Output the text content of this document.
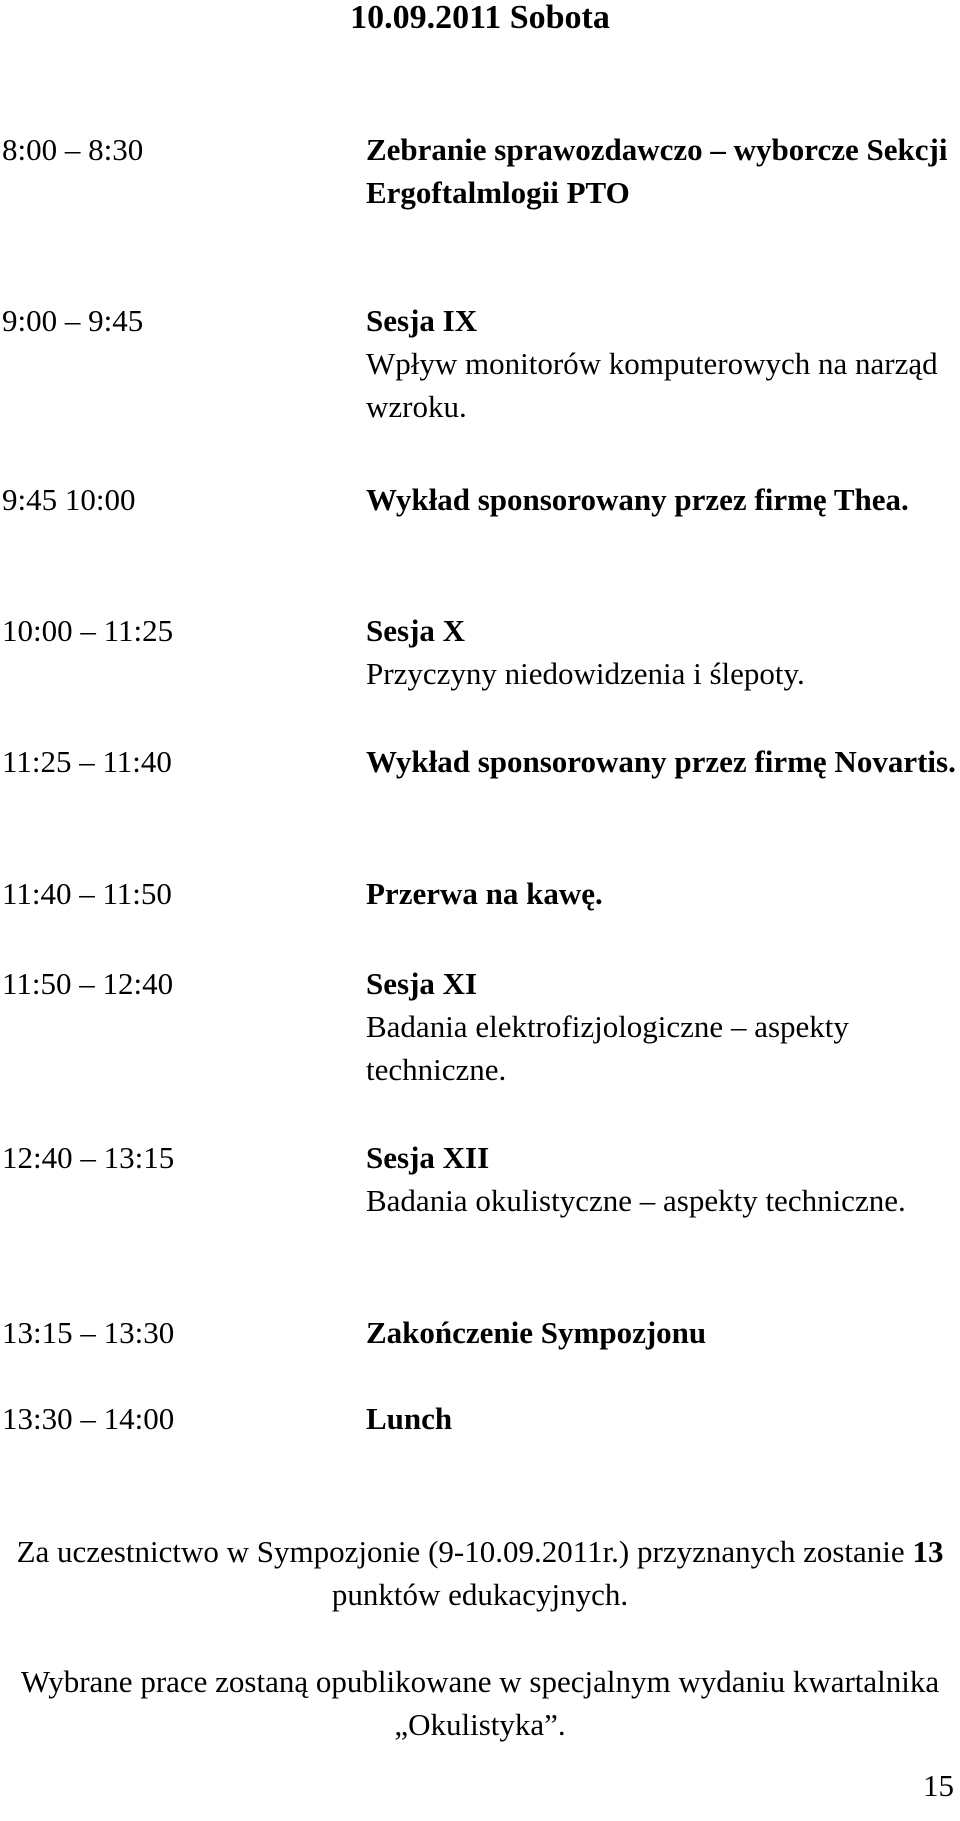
10.09.2011 Sobota
8:00 – 8:30	Zebranie sprawozdawczo – wyborcze Sekcji Ergoftalmlogii PTO
9:00 – 9:45	Sesja IX
Wpływ monitorów komputerowych na narząd wzroku.
9:45 10:00	Wykład sponsorowany przez firmę Thea.
10:00 – 11:25	Sesja X
Przyczyny niedowidzenia i ślepoty.
11:25 – 11:40	Wykład sponsorowany przez firmę Novartis.
11:40 – 11:50	Przerwa na kawę.
11:50 – 12:40	Sesja XI
Badania elektrofizjologiczne – aspekty techniczne.
12:40 – 13:15	Sesja XII
Badania okulistyczne – aspekty techniczne.
13:15 – 13:30	Zakończenie Sympozjonu
13:30 – 14:00	Lunch

Za uczestnictwo w Sympozjonie (9-10.09.2011r.) przyznanych zostanie 13 punktów edukacyjnych.

Wybrane prace zostaną opublikowane w specjalnym wydaniu kwartalnika „Okulistyka”.

15
